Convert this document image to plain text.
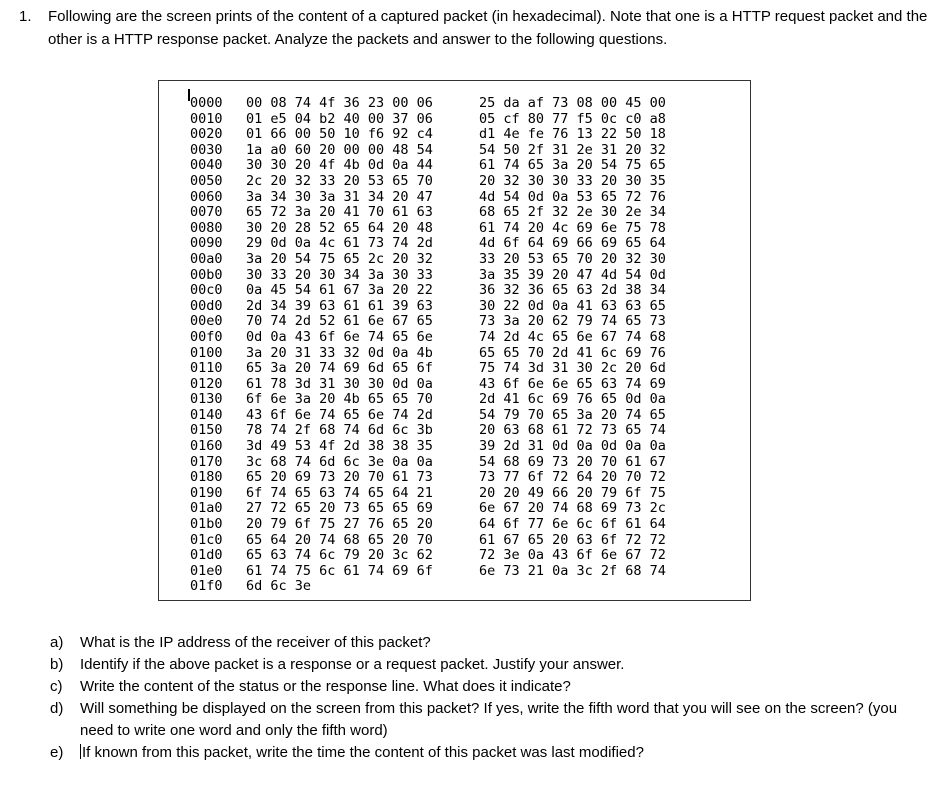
1. Following are the screen prints of the content of a captured packet (in hexadecimal). Note that one is a HTTP request packet and the other is a HTTP response packet. Analyze the packets and answer to the following questions.
0000 00 08 74 4f 36 23 00 06	25 da af 73 08 00 45 00
0010 01 e5 04 b2 40 00 37 06	05 cf 80 77 f5 0c c0 a8
0020 01 66 00 50 10 f6 92 c4	d1 4e fe 76 13 22 50 18
0030 1a a0 60 20 00 00 48 54	54 50 2f 31 2e 31 20 32
0040 30 30 20 4f 4b 0d 0a 44	61 74 65 3a 20 54 75 65
0050 2c 20 32 33 20 53 65 70	20 32 30 30 33 20 30 35
0060 3a 34 30 3a 31 34 20 47	4d 54 0d 0a 53 65 72 76
0070 65 72 3a 20 41 70 61 63	68 65 2f 32 2e 30 2e 34
0080 30 20 28 52 65 64 20 48	61 74 20 4c 69 6e 75 78
0090 29 0d 0a 4c 61 73 74 2d	4d 6f 64 69 66 69 65 64
00a0 3a 20 54 75 65 2c 20 32	33 20 53 65 70 20 32 30
00b0 30 33 20 30 34 3a 30 33	3a 35 39 20 47 4d 54 0d
00c0 0a 45 54 61 67 3a 20 22	36 32 36 65 63 2d 38 34
00d0 2d 34 39 63 61 61 39 63	30 22 0d 0a 41 63 63 65
00e0 70 74 2d 52 61 6e 67 65	73 3a 20 62 79 74 65 73
00f0 0d 0a 43 6f 6e 74 65 6e	74 2d 4c 65 6e 67 74 68
0100 3a 20 31 33 32 0d 0a 4b	65 65 70 2d 41 6c 69 76
0110 65 3a 20 74 69 6d 65 6f	75 74 3d 31 30 2c 20 6d
0120 61 78 3d 31 30 30 0d 0a	43 6f 6e 6e 65 63 74 69
0130 6f 6e 3a 20 4b 65 65 70	2d 41 6c 69 76 65 0d 0a
0140 43 6f 6e 74 65 6e 74 2d	54 79 70 65 3a 20 74 65
0150 78 74 2f 68 74 6d 6c 3b	20 63 68 61 72 73 65 74
0160 3d 49 53 4f 2d 38 38 35	39 2d 31 0d 0a 0d 0a 0a
0170 3c 68 74 6d 6c 3e 0a 0a	54 68 69 73 20 70 61 67
0180 65 20 69 73 20 70 61 73	73 77 6f 72 64 20 70 72
0190 6f 74 65 63 74 65 64 21	20 20 49 66 20 79 6f 75
01a0 27 72 65 20 73 65 65 69	6e 67 20 74 68 69 73 2c
01b0 20 79 6f 75 27 76 65 20	64 6f 77 6e 6c 6f 61 64
01c0 65 64 20 74 68 65 20 70	61 67 65 20 63 6f 72 72
01d0 65 63 74 6c 79 20 3c 62	72 3e 0a 43 6f 6e 67 72
01e0 61 74 75 6c 61 74 69 6f	6e 73 21 0a 3c 2f 68 74
01f0 6d 6c 3e
a) What is the IP address of the receiver of this packet?
b) Identify if the above packet is a response or a request packet. Justify your answer.
c) Write the content of the status or the response line. What does it indicate?
d) Will something be displayed on the screen from this packet? If yes, write the fifth word that you will see on the screen? (you need to write one word and only the fifth word)
e) If known from this packet, write the time the content of this packet was last modified?
